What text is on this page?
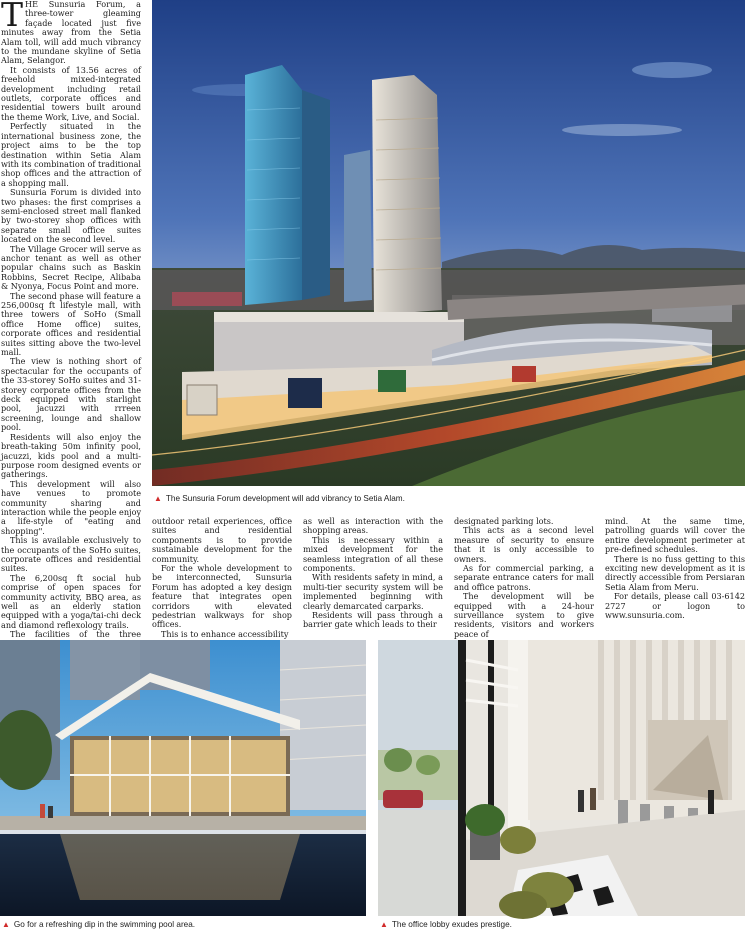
THE Sunsuria Forum, a three-tower gleaming façade located just five minutes away from the Setia Alam toll, will add much vibrancy to the mundane skyline of Setia Alam, Selangor.

It consists of 13.56 acres of freehold mixed-integrated development including retail outlets, corporate offices and residential towers built around the theme Work, Live, and Social.

Perfectly situated in the international business zone, the project aims to be the top destination within Setia Alam with its combination of traditional shop offices and the attraction of a shopping mall.

Sunsuria Forum is divided into two phases: the first comprises a semi-enclosed street mall flanked by two-storey shop offices with separate small office suites located on the second level.

The Village Grocer will serve as anchor tenant as well as other popular chains such as Baskin Robbins, Secret Recipe, Alibaba & Nyonya, Focus Point and more.

The second phase will feature a 256,000sq ft lifestyle mall, with three towers of SoHo (Small office Home office) suites, corporate offices and residential suites sitting above the two-level mall.

The view is nothing short of spectacular for the occupants of the 33-storey SoHo suites and 31-storey corporate offices from the deck equipped with starlight pool, jacuzzi with rrreen screening, lounge and shallow pool.

Residents will also enjoy the breath-taking 50m infinity pool, jacuzzi, kids pool and a multi-purpose room designed events or gatherings.

This development will also have venues to promote community sharing and interaction while the people enjoy a life-style of "eating and shopping".

This is available exclusively to the occupants of the SoHo suites, corporate offices and residential suites.

The 6,200sq ft social hub comprise of open spaces for community activity, BBQ area, as well as an elderly station equipped with a yoga/tai-chi deck and diamond reflexology trails.

The facilities of the three

▲ The Sunsuria Forum development will add vibrancy to Setia Alam.

outdoor retail experiences, office suites and residential components is to provide sustainable development for the community.

For the whole development to be interconnected, Sunsuria Forum has adopted a key design feature that integrates open corridors with elevated pedestrian walkways for shop offices.

This is to enhance accessibility

as well as interaction with the shopping areas.

This is necessary within a mixed development for the seamless integration of all these components.

With residents safety in mind, a multi-tier security system will be implemented beginning with clearly demarcated carparks.

Residents will pass through a barrier gate which leads to their

designated parking lots.

This acts as a second level measure of security to ensure that it is only accessible to owners.

As for commercial parking, a separate entrance caters for mall and office patrons.

The development will be equipped with a 24-hour surveillance system to give residents, visitors and workers peace of

mind. At the same time, patrolling guards will cover the entire development perimeter at pre-defined schedules.

There is no fuss getting to this exciting new development as it is directly accessible from Persiaran Setia Alam from Meru.

For details, please call 03-6142 2727 or logon to www.sunsuria.com.

▲ Go for a refreshing dip in the swimming pool area.	▲ The office lobby exudes prestige.
